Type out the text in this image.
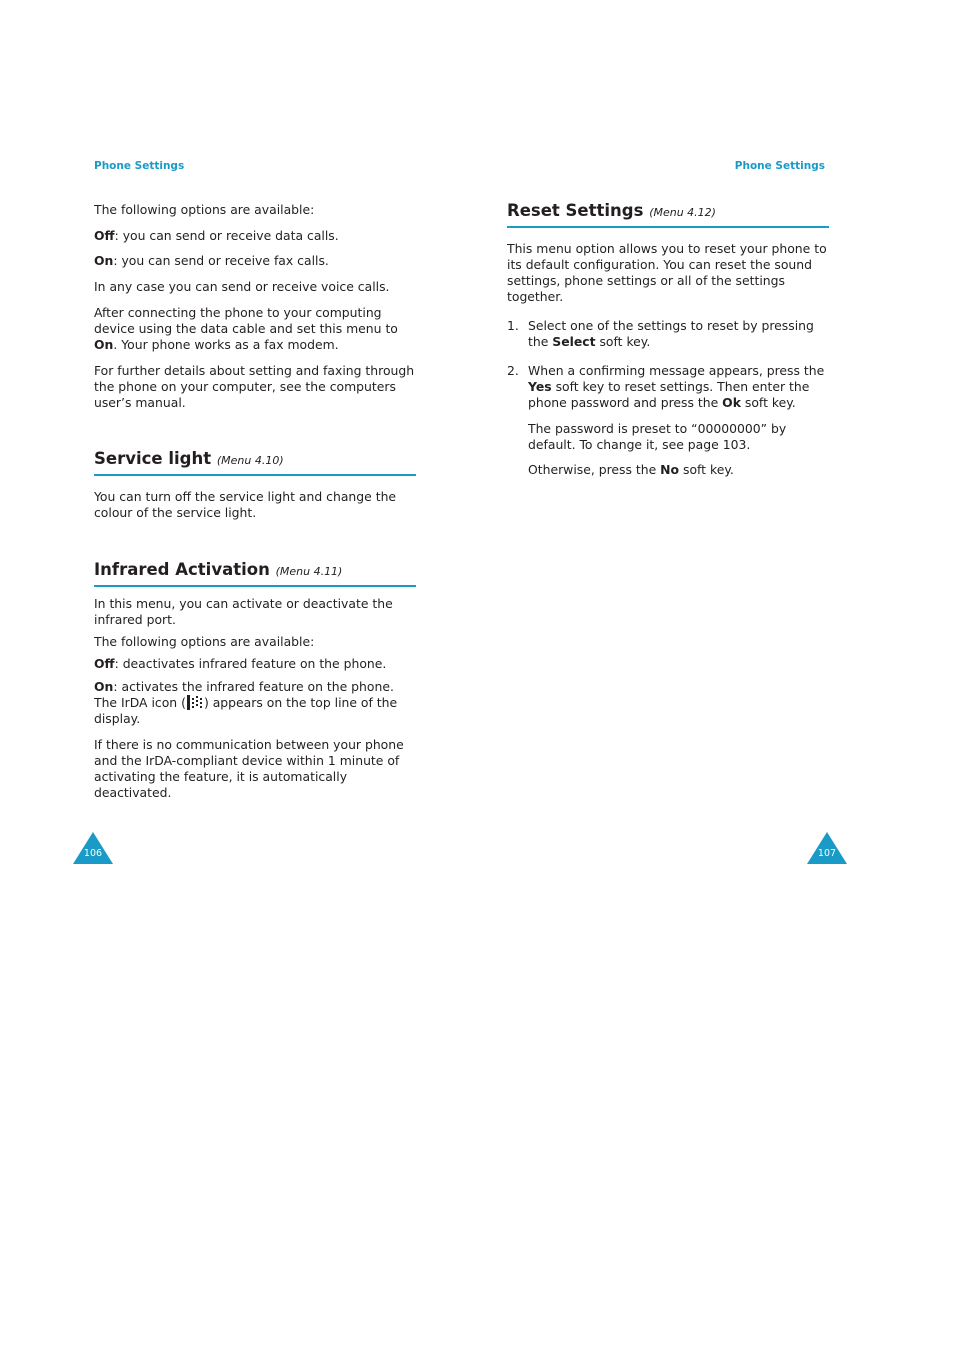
Phone Settings	Phone Settings

The following options are available:

Off: you can send or receive data calls.

On: you can send or receive fax calls.

In any case you can send or receive voice calls.

After connecting the phone to your computing device using the data cable and set this menu to On. Your phone works as a fax modem.

For further details about setting and faxing through the phone on your computer, see the computers user’s manual.

Service light (Menu 4.10)

You can turn off the service light and change the colour of the service light.

Infrared Activation (Menu 4.11)

In this menu, you can activate or deactivate the infrared port.

The following options are available:

Off: deactivates infrared feature on the phone.

On: activates the infrared feature on the phone. The IrDA icon ( ) appears on the top line of the display.

If there is no communication between your phone and the IrDA-compliant device within 1 minute of activating the feature, it is automatically deactivated.

Reset Settings (Menu 4.12)

This menu option allows you to reset your phone to its default configuration. You can reset the sound settings, phone settings or all of the settings together.

1. Select one of the settings to reset by pressing the Select soft key.

2. When a confirming message appears, press the Yes soft key to reset settings. Then enter the phone password and press the Ok soft key.

The password is preset to “00000000” by default. To change it, see page 103.

Otherwise, press the No soft key.

106	107
